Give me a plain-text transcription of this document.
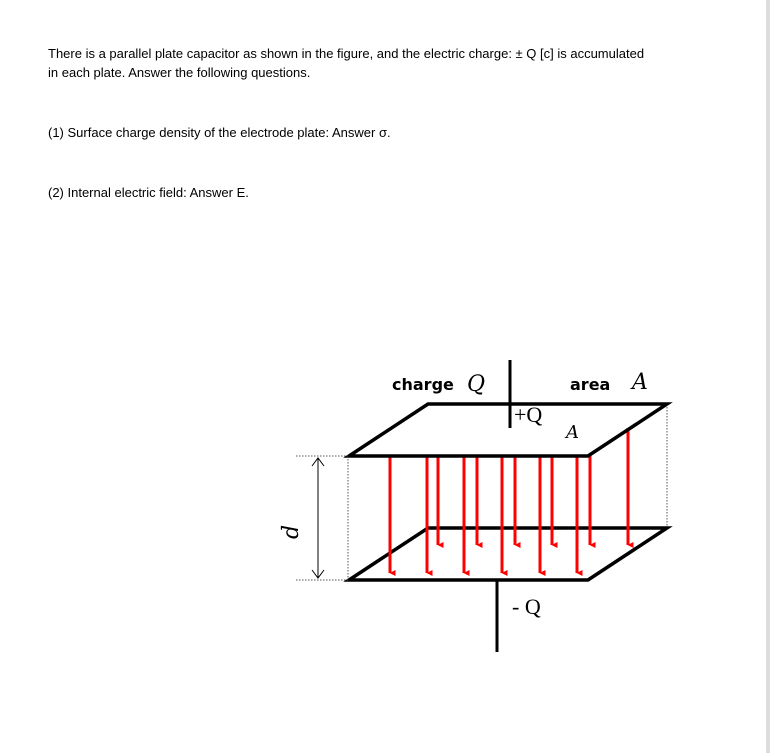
There is a parallel plate capacitor as shown in the figure, and the electric charge: ± Q [c] is accumulated

in each plate. Answer the following questions.

(1) Surface charge density of the electrode plate: Answer σ.

(2) Internal electric field: Answer E.

charge Q	area A
+Q
A
- Q
d
